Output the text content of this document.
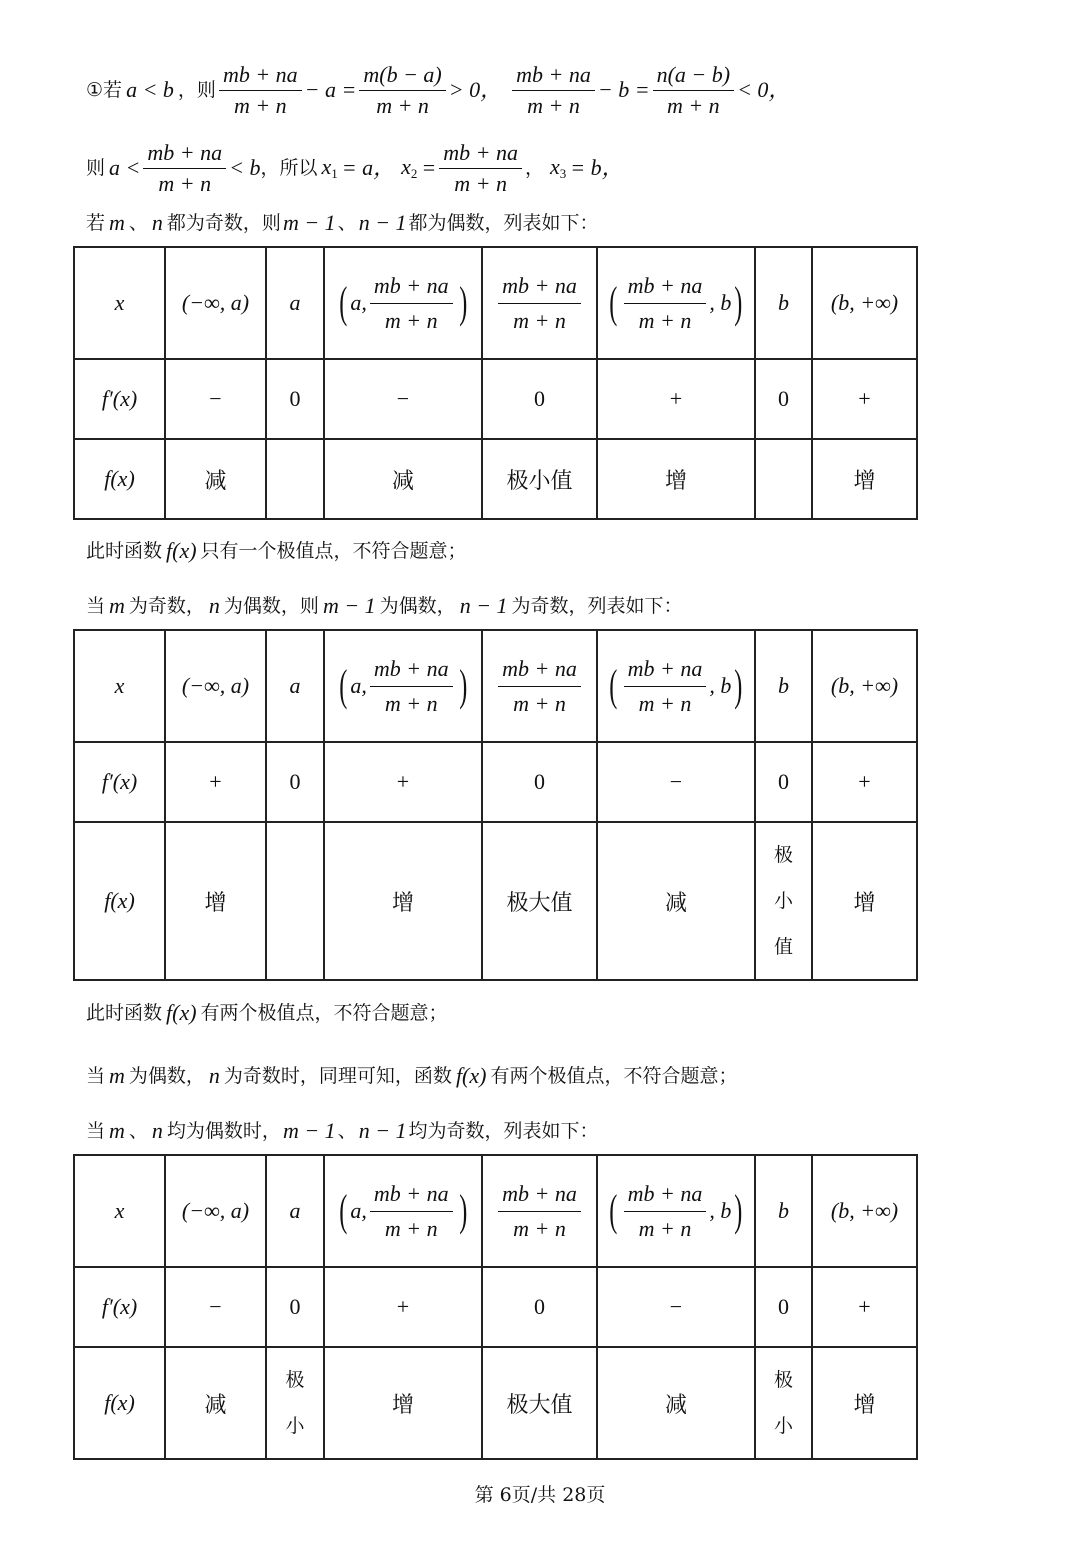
① 若 a < b ，则 $\frac{mb + na}{m + n} - a = \frac{m(b - a)}{m + n} > 0$， $\frac{mb + na}{m + n} - b = \frac{n(a - b)}{m + n} < 0$，
则 $a < \frac{mb + na}{m + n} < b$ ，所以 $x_1 = a$， $x_2 = \frac{mb + na}{m + n}$ ， $x_3 = b$，
若 m 、 n 都为奇数，则 m − 1 、 n − 1 都为偶数，列表如下：
x	(−∞, a)	a	( a, $\frac{mb + na}{m + n}$ )	$\frac{mb + na}{m + n}$	( $\frac{mb + na}{m + n}$ , b )	b	(b, +∞)
f′(x)	−	0	−	0	+	0	+
f(x)	减		减	极小值	增		增
此时函数 f(x) 只有一个极值点，不符合题意；
当 m 为奇数， n 为偶数，则 m − 1 为偶数， n − 1 为奇数，列表如下：
x	(−∞, a)	a	( a, $\frac{mb + na}{m + n}$ )	$\frac{mb + na}{m + n}$	( $\frac{mb + na}{m + n}$ , b )	b	(b, +∞)
f′(x)	+	0	+	0	−	0	+
f(x)	增		增	极大值	减	极小值	增
此时函数 f(x) 有两个极值点，不符合题意；
当 m 为偶数， n 为奇数时，同理可知，函数 f(x) 有两个极值点，不符合题意；
当 m 、 n 均为偶数时， m − 1 、 n − 1 均为奇数，列表如下：
x	(−∞, a)	a	( a, $\frac{mb + na}{m + n}$ )	$\frac{mb + na}{m + n}$	( $\frac{mb + na}{m + n}$ , b )	b	(b, +∞)
f′(x)	−	0	+	0	−	0	+
f(x)	减	极小	增	极大值	减	极小	增
第 6页/共 28页
